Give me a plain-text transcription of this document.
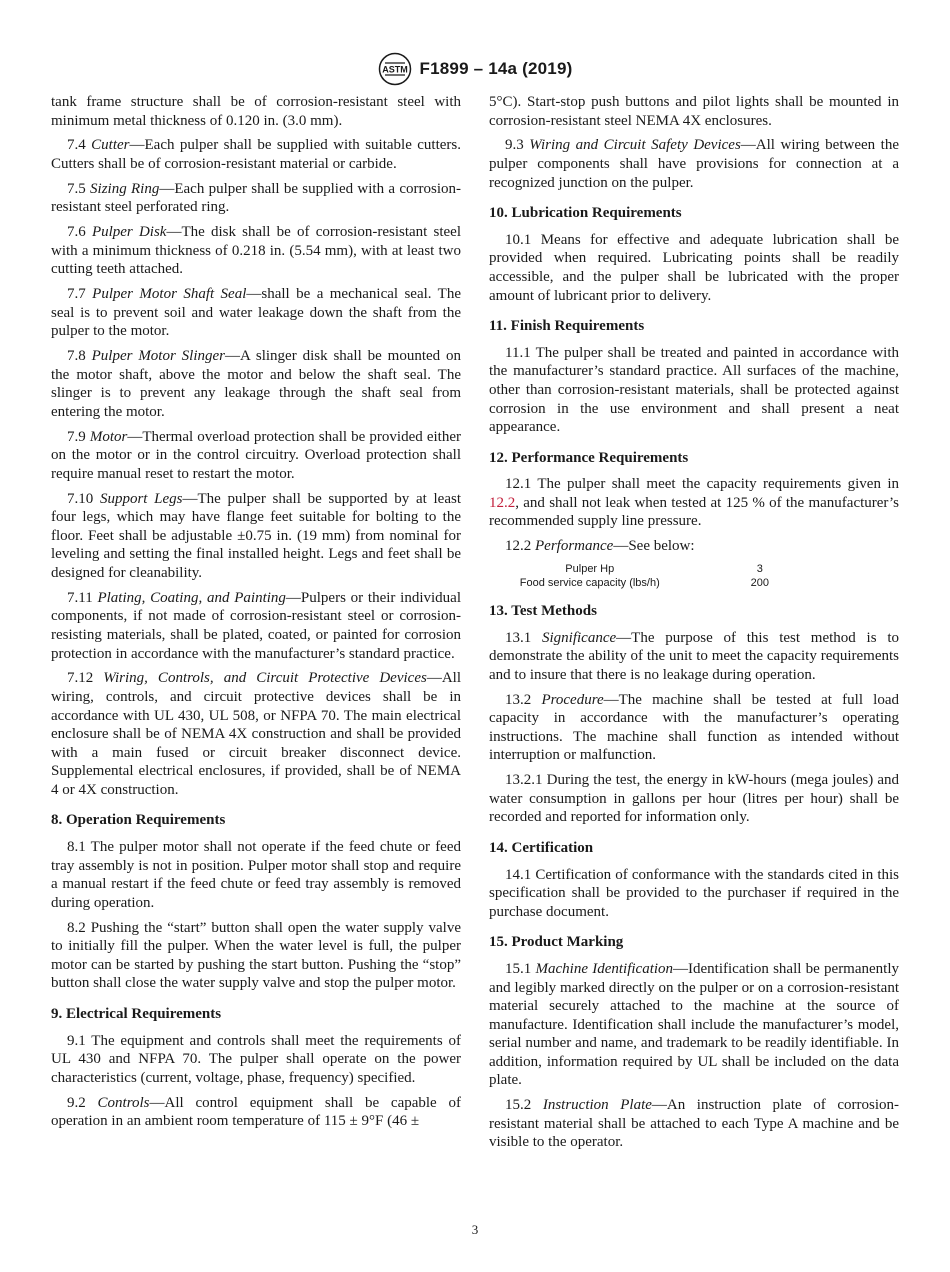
ASTM F1899 – 14a (2019)

tank frame structure shall be of corrosion-resistant steel with minimum metal thickness of 0.120 in. (3.0 mm).

7.4 Cutter—Each pulper shall be supplied with suitable cutters. Cutters shall be of corrosion-resistant material or carbide.

7.5 Sizing Ring—Each pulper shall be supplied with a corrosion-resistant steel perforated ring.

7.6 Pulper Disk—The disk shall be of corrosion-resistant steel with a minimum thickness of 0.218 in. (5.54 mm), with at least two cutting teeth attached.

7.7 Pulper Motor Shaft Seal—shall be a mechanical seal. The seal is to prevent soil and water leakage down the shaft from the pulper to the motor.

7.8 Pulper Motor Slinger—A slinger disk shall be mounted on the motor shaft, above the motor and below the shaft seal. The slinger is to prevent any leakage through the shaft seal from entering the motor.

7.9 Motor—Thermal overload protection shall be provided either on the motor or in the control circuitry. Overload protection shall require manual reset to restart the motor.

7.10 Support Legs—The pulper shall be supported by at least four legs, which may have flange feet suitable for bolting to the floor. Feet shall be adjustable ±0.75 in. (19 mm) from nominal for leveling and setting the final installed height. Legs and feet shall be designed for cleanability.

7.11 Plating, Coating, and Painting—Pulpers or their individual components, if not made of corrosion-resistant steel or corrosion-resisting materials, shall be plated, coated, or painted for corrosion protection in accordance with the manufacturer’s standard practice.

7.12 Wiring, Controls, and Circuit Protective Devices—All wiring, controls, and circuit protective devices shall be in accordance with UL 430, UL 508, or NFPA 70. The main electrical enclosure shall be of NEMA 4X construction and shall be provided with a main fused or circuit breaker disconnect device. Supplemental electrical enclosures, if provided, shall be of NEMA 4 or 4X construction.

8. Operation Requirements

8.1 The pulper motor shall not operate if the feed chute or feed tray assembly is not in position. Pulper motor shall stop and require a manual restart if the feed chute or feed tray assembly is removed during operation.

8.2 Pushing the “start” button shall open the water supply valve to initially fill the pulper. When the water level is full, the pulper motor can be started by pushing the start button. Pushing the “stop” button shall close the water supply valve and stop the pulper motor.

9. Electrical Requirements

9.1 The equipment and controls shall meet the requirements of UL 430 and NFPA 70. The pulper shall operate on the power characteristics (current, voltage, phase, frequency) specified.

9.2 Controls—All control equipment shall be capable of operation in an ambient room temperature of 115 ± 9°F (46 ±

5°C). Start-stop push buttons and pilot lights shall be mounted in corrosion-resistant steel NEMA 4X enclosures.

9.3 Wiring and Circuit Safety Devices—All wiring between the pulper components shall have provisions for connection at a recognized junction on the pulper.

10. Lubrication Requirements

10.1 Means for effective and adequate lubrication shall be provided when required. Lubricating points shall be readily accessible, and the pulper shall be lubricated with the proper amount of lubricant prior to delivery.

11. Finish Requirements

11.1 The pulper shall be treated and painted in accordance with the manufacturer’s standard practice. All surfaces of the machine, other than corrosion-resistant materials, shall be protected against corrosion in the use environment and shall present a neat appearance.

12. Performance Requirements

12.1 The pulper shall meet the capacity requirements given in 12.2, and shall not leak when tested at 125 % of the manufacturer’s recommended supply line pressure.

12.2 Performance—See below:

Pulper Hp	3
Food service capacity (lbs/h)	200
13. Test Methods

13.1 Significance—The purpose of this test method is to demonstrate the ability of the unit to meet the capacity requirements and to insure that there is no leakage during operation.

13.2 Procedure—The machine shall be tested at full load capacity in accordance with the manufacturer’s operating instructions. The machine shall function as intended without interruption or malfunction.

13.2.1 During the test, the energy in kW-hours (mega joules) and water consumption in gallons per hour (litres per hour) shall be recorded and reported for information only.

14. Certification

14.1 Certification of conformance with the standards cited in this specification shall be provided to the purchaser if required in the purchase document.

15. Product Marking

15.1 Machine Identification—Identification shall be permanently and legibly marked directly on the pulper or on a corrosion-resistant material securely attached to the machine at the source of manufacture. Identification shall include the manufacturer’s model, serial number and name, and trademark to be readily identifiable. In addition, information required by UL shall be included on the data plate.

15.2 Instruction Plate—An instruction plate of corrosion-resistant material shall be attached to each Type A machine and be visible to the operator.

3
